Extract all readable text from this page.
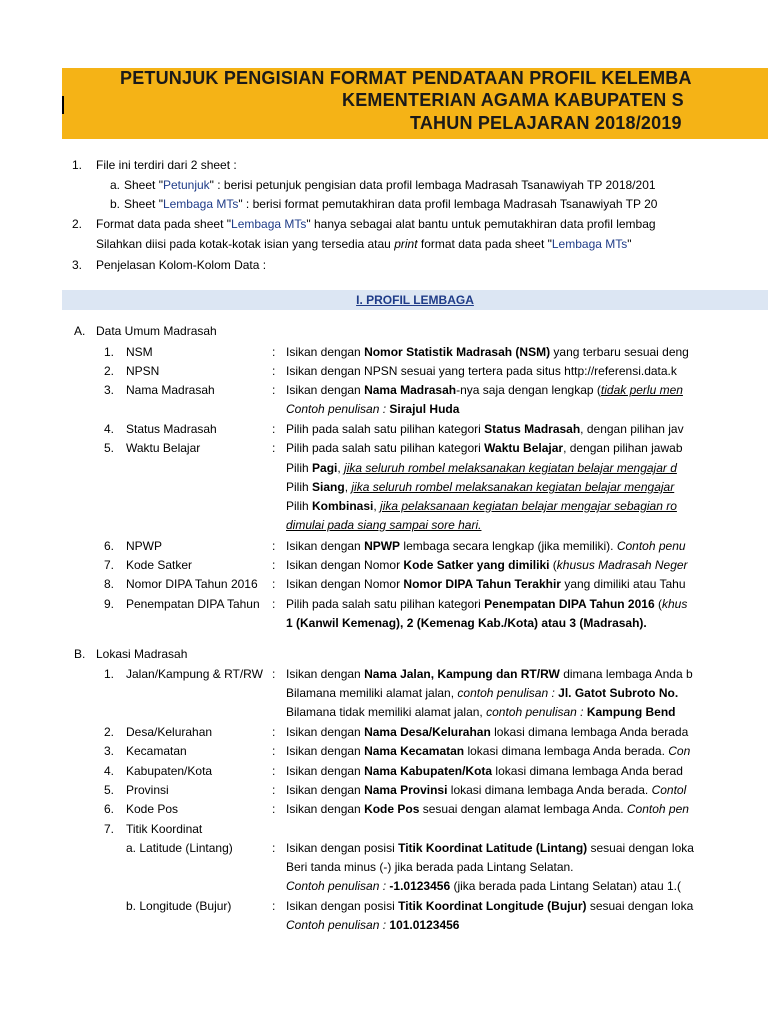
PETUNJUK PENGISIAN FORMAT PENDATAAN PROFIL KELEMBA
KEMENTERIAN AGAMA KABUPATEN S
TAHUN PELAJARAN 2018/2019
1. File ini terdiri dari 2 sheet :
a. Sheet "Petunjuk" : berisi petunjuk pengisian data profil lembaga Madrasah Tsanawiyah TP 2018/201
b. Sheet "Lembaga MTs" : berisi format pemutakhiran data profil lembaga Madrasah Tsanawiyah TP 20
2. Format data pada sheet "Lembaga MTs" hanya sebagai alat bantu untuk pemutakhiran data profil lembag
Silahkan diisi pada kotak-kotak isian yang tersedia atau print format data pada sheet "Lembaga MTs"
3. Penjelasan Kolom-Kolom Data :
I. PROFIL LEMBAGA
A. Data Umum Madrasah
1. NSM	: Isikan dengan Nomor Statistik Madrasah (NSM) yang terbaru sesuai deng
2. NPSN	: Isikan dengan NPSN sesuai yang tertera pada situs http://referensi.data.k
3. Nama Madrasah	: Isikan dengan Nama Madrasah-nya saja dengan lengkap (tidak perlu men
Contoh penulisan : Sirajul Huda
4. Status Madrasah	: Pilih pada salah satu pilihan kategori Status Madrasah, dengan pilihan jav
5. Waktu Belajar	: Pilih pada salah satu pilihan kategori Waktu Belajar, dengan pilihan jawab
Pilih Pagi, jika seluruh rombel melaksanakan kegiatan belajar mengajar d
Pilih Siang, jika seluruh rombel melaksanakan kegiatan belajar mengajar
Pilih Kombinasi, jika pelaksanaan kegiatan belajar mengajar sebagian ro
dimulai pada siang sampai sore hari.
6. NPWP	: Isikan dengan NPWP lembaga secara lengkap (jika memiliki). Contoh penu
7. Kode Satker	: Isikan dengan Nomor Kode Satker yang dimiliki (khusus Madrasah Neger
8. Nomor DIPA Tahun 2016 : Isikan dengan Nomor Nomor DIPA Tahun Terakhir yang dimiliki atau Tahu
9. Penempatan DIPA Tahun : Pilih pada salah satu pilihan kategori Penempatan DIPA Tahun 2016 (khus
1 (Kanwil Kemenag), 2 (Kemenag Kab./Kota) atau 3 (Madrasah).
B. Lokasi Madrasah
1. Jalan/Kampung & RT/RW : Isikan dengan Nama Jalan, Kampung dan RT/RW dimana lembaga Anda b
Bilamana memiliki alamat jalan, contoh penulisan : Jl. Gatot Subroto No.
Bilamana tidak memiliki alamat jalan, contoh penulisan : Kampung Bend
2. Desa/Kelurahan	: Isikan dengan Nama Desa/Kelurahan lokasi dimana lembaga Anda berada
3. Kecamatan	: Isikan dengan Nama Kecamatan lokasi dimana lembaga Anda berada. Con
4. Kabupaten/Kota	: Isikan dengan Nama Kabupaten/Kota lokasi dimana lembaga Anda berad
5. Provinsi	: Isikan dengan Nama Provinsi lokasi dimana lembaga Anda berada. Contol
6. Kode Pos	: Isikan dengan Kode Pos sesuai dengan alamat lembaga Anda. Contoh pen
7. Titik Koordinat
a. Latitude (Lintang)	: Isikan dengan posisi Titik Koordinat Latitude (Lintang) sesuai dengan loka
Beri tanda minus (-) jika berada pada Lintang Selatan.
Contoh penulisan : -1.0123456 (jika berada pada Lintang Selatan) atau 1.(
b. Longitude (Bujur)	: Isikan dengan posisi Titik Koordinat Longitude (Bujur) sesuai dengan loka
Contoh penulisan : 101.0123456
